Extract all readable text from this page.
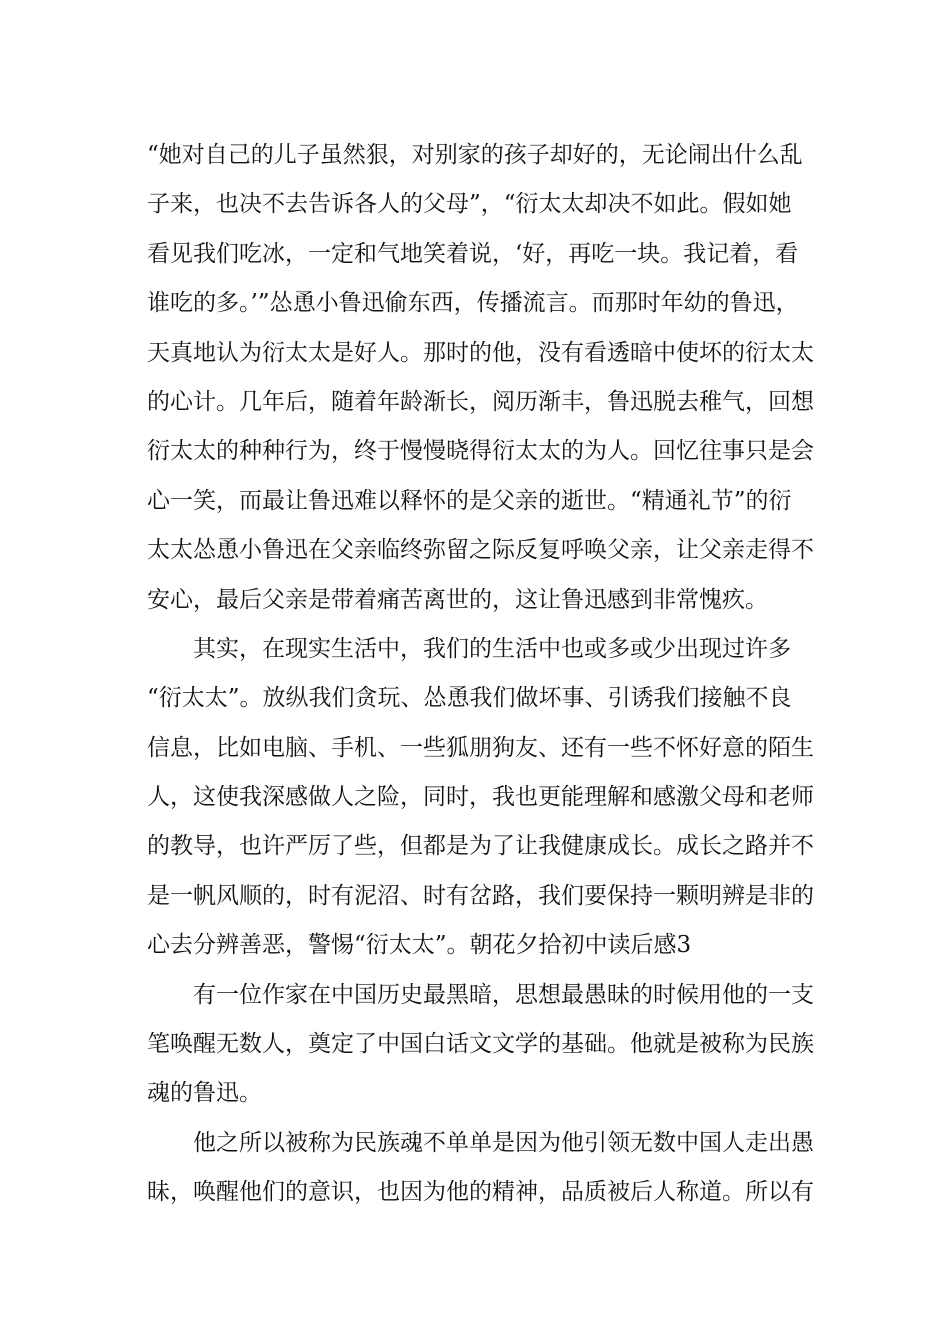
“她对自己的儿子虽然狠，对别家的孩子却好的，无论闹出什么乱
子来，也决不去告诉各人的父母”，“衍太太却决不如此。假如她
看见我们吃冰，一定和气地笑着说，‘好，再吃一块。我记着，看
谁吃的多。’”怂恿小鲁迅偷东西，传播流言。而那时年幼的鲁迅，
天真地认为衍太太是好人。那时的他，没有看透暗中使坏的衍太太
的心计。几年后，随着年龄渐长，阅历渐丰，鲁迅脱去稚气，回想
衍太太的种种行为，终于慢慢晓得衍太太的为人。回忆往事只是会
心一笑，而最让鲁迅难以释怀的是父亲的逝世。“精通礼节”的衍
太太怂恿小鲁迅在父亲临终弥留之际反复呼唤父亲，让父亲走得不
安心，最后父亲是带着痛苦离世的，这让鲁迅感到非常愧疚。
　　其实，在现实生活中，我们的生活中也或多或少出现过许多
“衍太太”。放纵我们贪玩、怂恿我们做坏事、引诱我们接触不良
信息，比如电脑、手机、一些狐朋狗友、还有一些不怀好意的陌生
人，这使我深感做人之险，同时，我也更能理解和感激父母和老师
的教导，也许严厉了些，但都是为了让我健康成长。成长之路并不
是一帆风顺的，时有泥沼、时有岔路，我们要保持一颗明辨是非的
心去分辨善恶，警惕“衍太太”。朝花夕拾初中读后感3
　　有一位作家在中国历史最黑暗，思想最愚昧的时候用他的一支
笔唤醒无数人，奠定了中国白话文文学的基础。他就是被称为民族
魂的鲁迅。
　　他之所以被称为民族魂不单单是因为他引领无数中国人走出愚
昧，唤醒他们的意识，也因为他的精神，品质被后人称道。所以有
